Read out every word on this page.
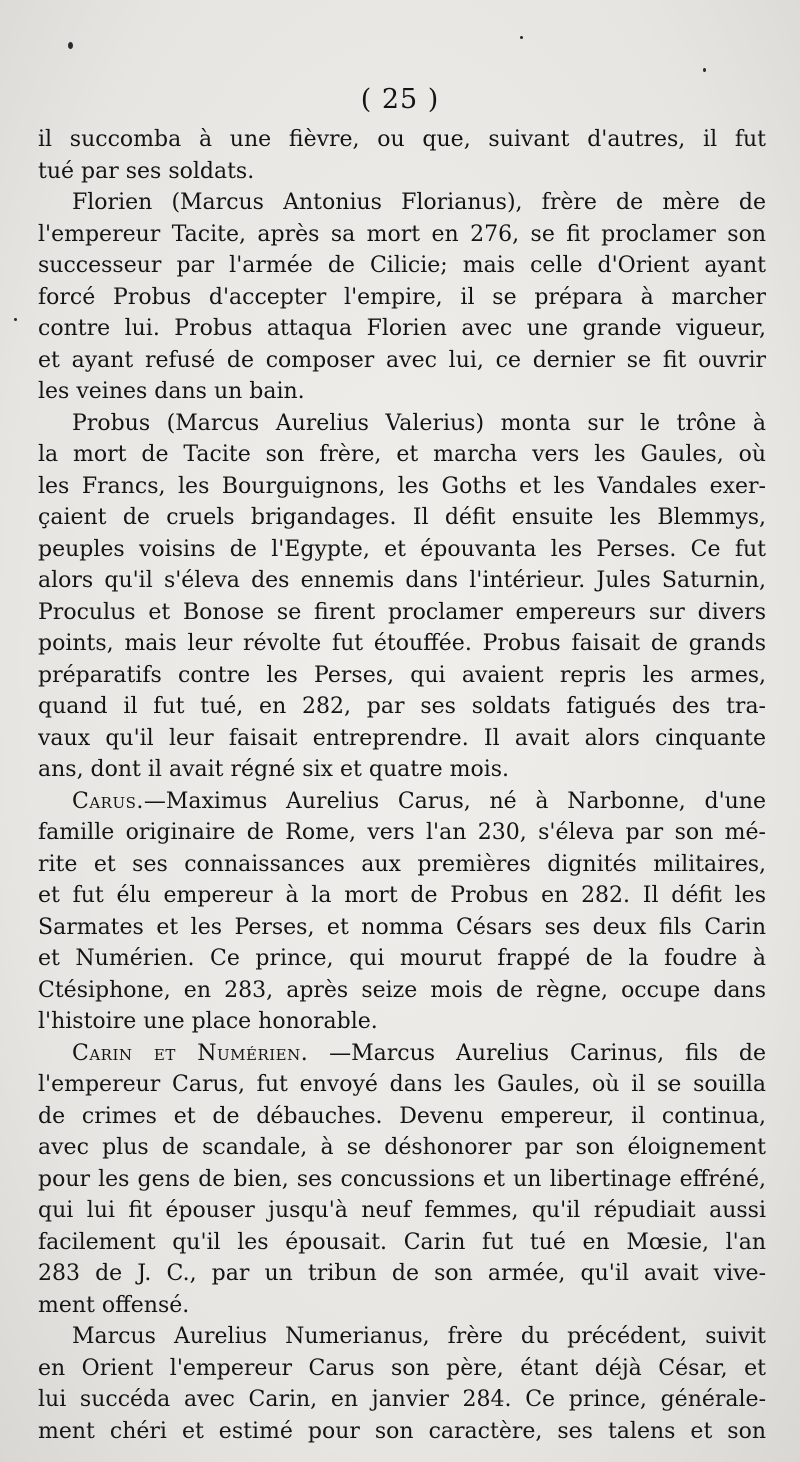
( 25 )
il succomba à une fièvre, ou que, suivant d'autres, il fut
tué par ses soldats.
Florien (Marcus Antonius Florianus), frère de mère de
l'empereur Tacite, après sa mort en 276, se fit proclamer son
successeur par l'armée de Cilicie; mais celle d'Orient ayant
forcé Probus d'accepter l'empire, il se prépara à marcher
contre lui. Probus attaqua Florien avec une grande vigueur,
et ayant refusé de composer avec lui, ce dernier se fit ouvrir
les veines dans un bain.
Probus (Marcus Aurelius Valerius) monta sur le trône à
la mort de Tacite son frère, et marcha vers les Gaules, où
les Francs, les Bourguignons, les Goths et les Vandales exer-
çaient de cruels brigandages. Il défit ensuite les Blemmys,
peuples voisins de l'Egypte, et épouvanta les Perses. Ce fut
alors qu'il s'éleva des ennemis dans l'intérieur. Jules Saturnin,
Proculus et Bonose se firent proclamer empereurs sur divers
points, mais leur révolte fut étouffée. Probus faisait de grands
préparatifs contre les Perses, qui avaient repris les armes,
quand il fut tué, en 282, par ses soldats fatigués des tra-
vaux qu'il leur faisait entreprendre. Il avait alors cinquante
ans, dont il avait régné six et quatre mois.
Carus.—Maximus Aurelius Carus, né à Narbonne, d'une
famille originaire de Rome, vers l'an 230, s'éleva par son mé-
rite et ses connaissances aux premières dignités militaires,
et fut élu empereur à la mort de Probus en 282. Il défit les
Sarmates et les Perses, et nomma Césars ses deux fils Carin
et Numérien. Ce prince, qui mourut frappé de la foudre à
Ctésiphone, en 283, après seize mois de règne, occupe dans
l'histoire une place honorable.
Carin et Numérien. —Marcus Aurelius Carinus, fils de
l'empereur Carus, fut envoyé dans les Gaules, où il se souilla
de crimes et de débauches. Devenu empereur, il continua,
avec plus de scandale, à se déshonorer par son éloignement
pour les gens de bien, ses concussions et un libertinage effréné,
qui lui fit épouser jusqu'à neuf femmes, qu'il répudiait aussi
facilement qu'il les épousait. Carin fut tué en Mœsie, l'an
283 de J. C., par un tribun de son armée, qu'il avait vive-
ment offensé.
Marcus Aurelius Numerianus, frère du précédent, suivit
en Orient l'empereur Carus son père, étant déjà César, et
lui succéda avec Carin, en janvier 284. Ce prince, générale-
ment chéri et estimé pour son caractère, ses talens et son
